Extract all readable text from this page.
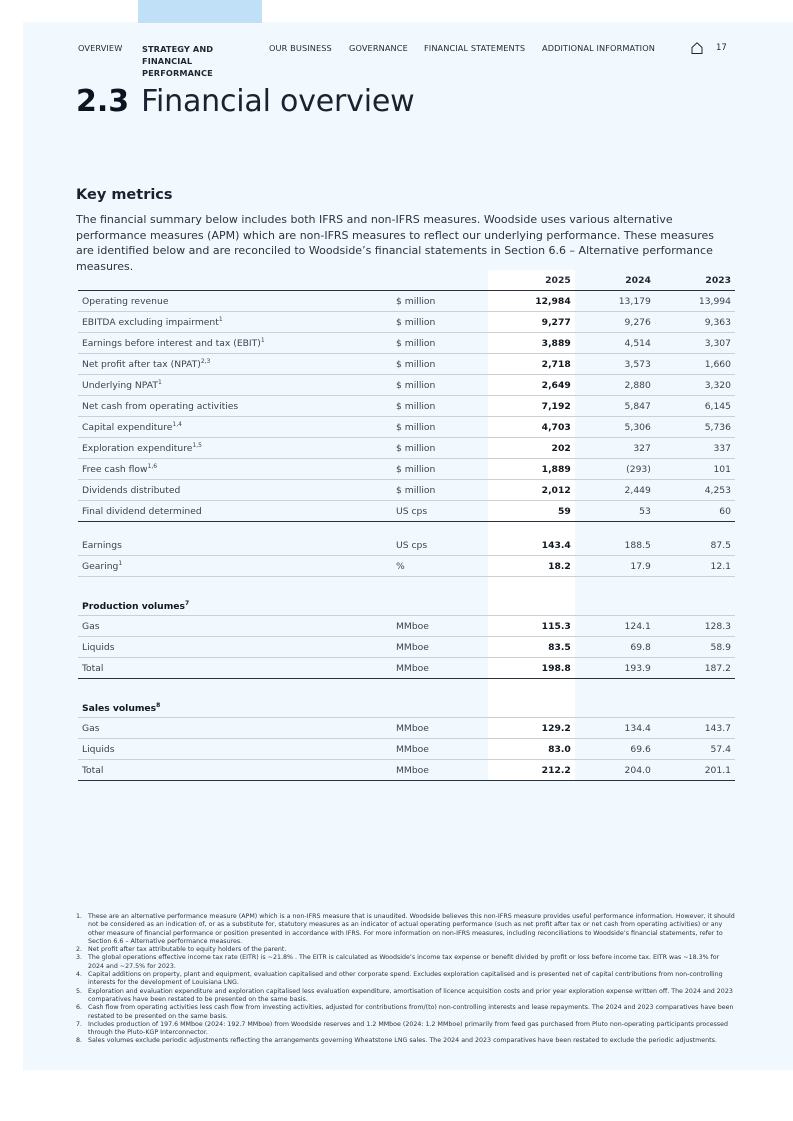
OVERVIEW STRATEGY AND FINANCIAL PERFORMANCE
OUR BUSINESS GOVERNANCE FINANCIAL STATEMENTS ADDITIONAL INFORMATION	17
2.3 Financial overview
Key metrics
The financial summary below includes both IFRS and non-IFRS measures. Woodside uses various alternative performance measures (APM) which are non-IFRS measures to reflect our underlying performance. These measures are identified below and are reconciled to Woodside’s financial statements in Section 6.6 – Alternative performance measures.
		2025	2024	2023
Operating revenue	$ million	12,984	13,179	13,994
EBITDA excluding impairment$^1$	$ million	9,277	9,276	9,363
Earnings before interest and tax (EBIT)$^1$	$ million	3,889	4,514	3,307
Net profit after tax (NPAT)$^{2,3}$	$ million	2,718	3,573	1,660
Underlying NPAT$^1$	$ million	2,649	2,880	3,320
Net cash from operating activities	$ million	7,192	5,847	6,145
Capital expenditure$^{1,4}$	$ million	4,703	5,306	5,736
Exploration expenditure$^{1,5}$	$ million	202	327	337
Free cash flow$^{1,6}$	$ million	1,889	(293)	101
Dividends distributed	$ million	2,012	2,449	4,253
Final dividend determined	US cps	59	53	60

Earnings	US cps	143.4	188.5	87.5
Gearing$^1$	%	18.2	17.9	12.1

Production volumes$^7$				
Gas	MMboe	115.3	124.1	128.3
Liquids	MMboe	83.5	69.8	58.9
Total	MMboe	198.8	193.9	187.2

Sales volumes$^8$				
Gas	MMboe	129.2	134.4	143.7
Liquids	MMboe	83.0	69.6	57.4
Total	MMboe	212.2	204.0	201.1
1. These are an alternative performance measure (APM) which is a non-IFRS measure that is unaudited. Woodside believes this non-IFRS measure provides useful performance information. However, it should not be considered as an indication of, or as a substitute for, statutory measures as an indicator of actual operating performance (such as net profit after tax or net cash from operating activities) or any other measure of financial performance or position presented in accordance with IFRS. For more information on non-IFRS measures, including reconciliations to Woodside’s financial statements, refer to Section 6.6 – Alternative performance measures.
2. Net profit after tax attributable to equity holders of the parent.
3. The global operations effective income tax rate (EITR) is ~21.8% . The EITR is calculated as Woodside’s income tax expense or benefit divided by profit or loss before income tax. EITR was ~18.3% for 2024 and ~27.5% for 2023.
4. Capital additions on property, plant and equipment, evaluation capitalised and other corporate spend. Excludes exploration capitalised and is presented net of capital contributions from non-controlling interests for the development of Louisiana LNG.
5. Exploration and evaluation expenditure and exploration capitalised less evaluation expenditure, amortisation of licence acquisition costs and prior year exploration expense written off. The 2024 and 2023 comparatives have been restated to be presented on the same basis.
6. Cash flow from operating activities less cash flow from investing activities, adjusted for contributions from/(to) non-controlling interests and lease repayments. The 2024 and 2023 comparatives have been restated to be presented on the same basis.
7. Includes production of 197.6 MMboe (2024: 192.7 MMboe) from Woodside reserves and 1.2 MMboe (2024: 1.2 MMboe) primarily from feed gas purchased from Pluto non-operating participants processed through the Pluto-KGP Interconnector.
8. Sales volumes exclude periodic adjustments reflecting the arrangements governing Wheatstone LNG sales. The 2024 and 2023 comparatives have been restated to exclude the periodic adjustments.
